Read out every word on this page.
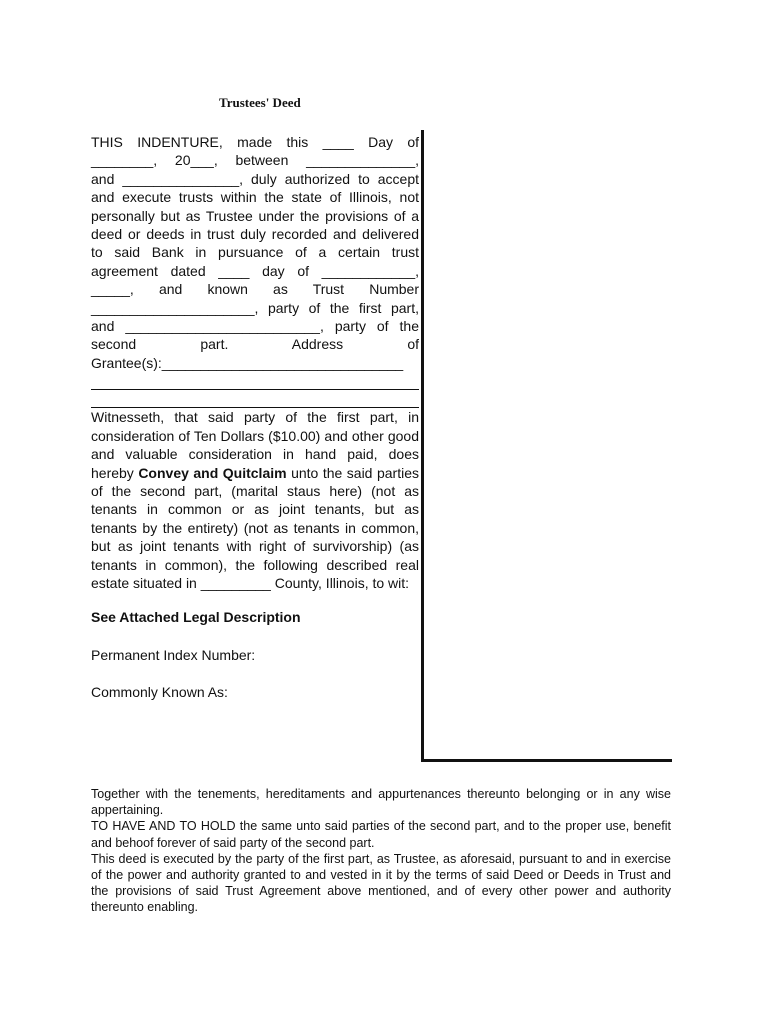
Trustees' Deed

THIS INDENTURE, made this ____ Day of

________, 20___, between ______________,

and _______________, duly authorized to accept

and execute trusts within the state of Illinois, not

personally but as Trustee under the provisions of a

deed or deeds in trust duly recorded and delivered

to said Bank in pursuance of a certain trust

agreement dated ____ day of ____________,

_____, and known as Trust Number

_____________________, party of the first part,

and _________________________, party of the

second part. Address of

Grantee(s):_______________________________

Witnesseth, that said party of the first part, in consideration of Ten Dollars ($10.00) and other good and valuable consideration in hand paid, does hereby Convey and Quitclaim unto the said parties of the second part, (marital staus here) (not as tenants in common or as joint tenants, but as tenants by the entirety) (not as tenants in common, but as joint tenants with right of survivorship) (as tenants in common), the following described real estate situated in _________ County, Illinois, to wit:

See Attached Legal Description
Permanent Index Number:
Commonly Known As:

Together with the tenements, hereditaments and appurtenances thereunto belonging or in any wise appertaining.

TO HAVE AND TO HOLD the same unto said parties of the second part, and to the proper use, benefit and behoof forever of said party of the second part.

This deed is executed by the party of the first part, as Trustee, as aforesaid, pursuant to and in exercise of the power and authority granted to and vested in it by the terms of said Deed or Deeds in Trust and the provisions of said Trust Agreement above mentioned, and of every other power and authority thereunto enabling.
